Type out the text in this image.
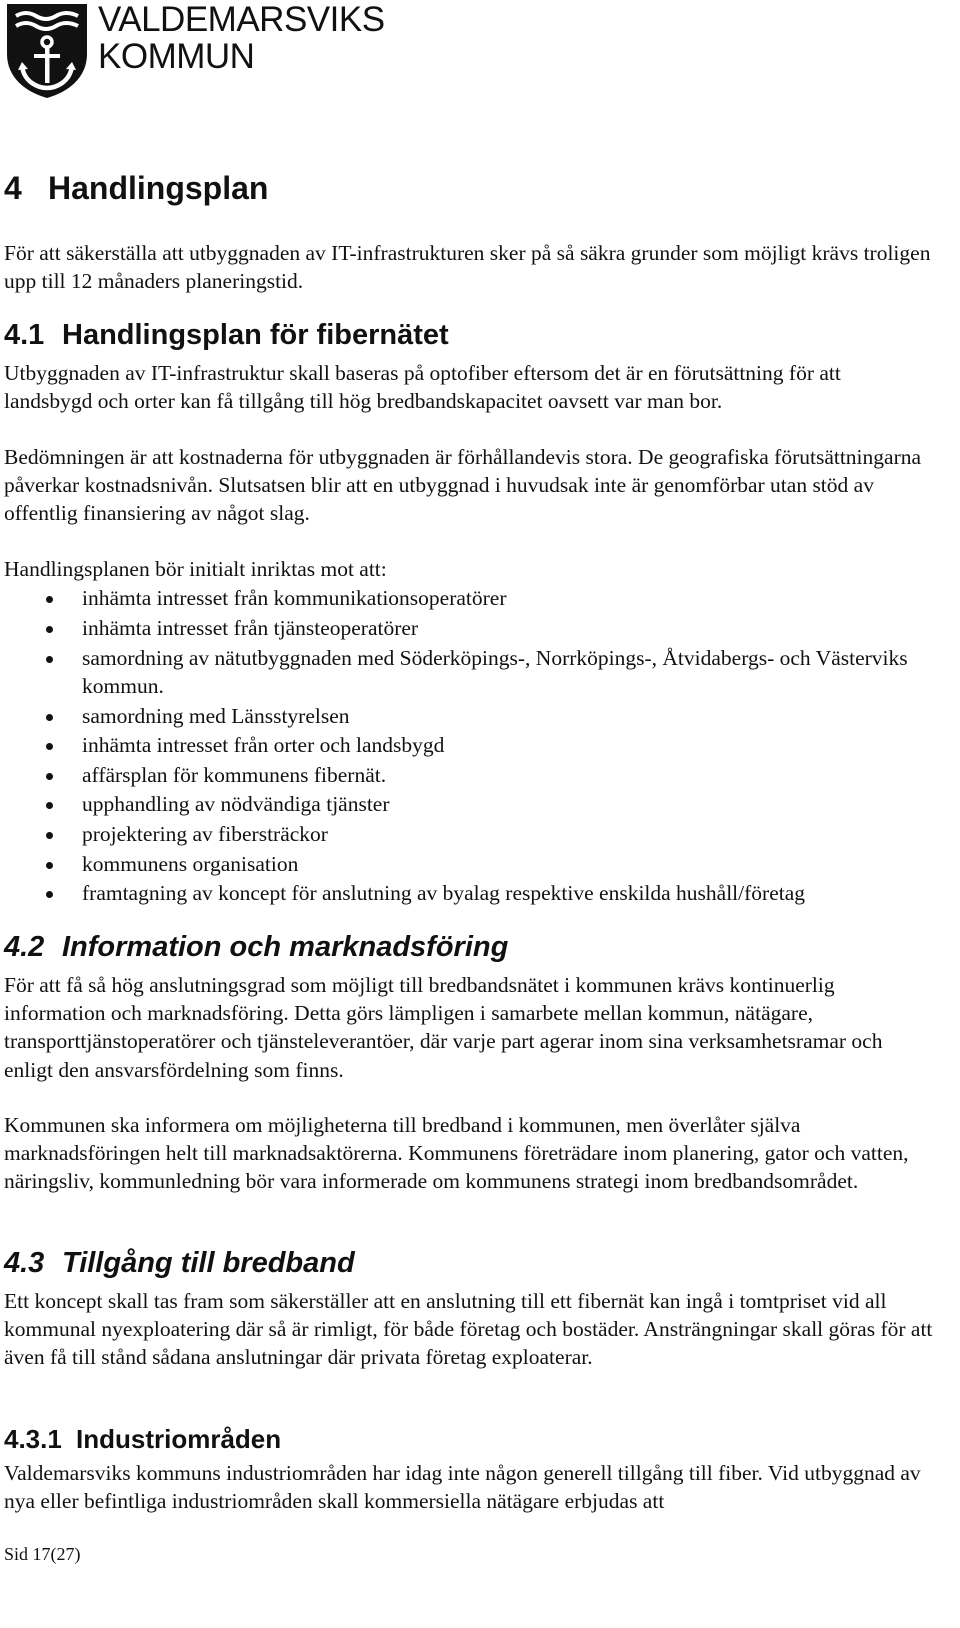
VALDEMARSVIKS
KOMMUN
4 Handlingsplan

För att säkerställa att utbyggnaden av IT-infrastrukturen sker på så säkra grunder som möjligt krävs troligen upp till 12 månaders planeringstid.

4.1 Handlingsplan för fibernätet

Utbyggnaden av IT-infrastruktur skall baseras på optofiber eftersom det är en förutsättning för att landsbygd och orter kan få tillgång till hög bredbandskapacitet oavsett var man bor.

Bedömningen är att kostnaderna för utbyggnaden är förhållandevis stora. De geografiska förutsättningarna påverkar kostnadsnivån. Slutsatsen blir att en utbyggnad i huvudsak inte är genomförbar utan stöd av offentlig finansiering av något slag.

Handlingsplanen bör initialt inriktas mot att:

inhämta intresset från kommunikationsoperatörer
inhämta intresset från tjänsteoperatörer
samordning av nätutbyggnaden med Söderköpings-, Norrköpings-, Åtvidabergs- och Västerviks kommun.
samordning med Länsstyrelsen
inhämta intresset från orter och landsbygd
affärsplan för kommunens fibernät.
upphandling av nödvändiga tjänster
projektering av fibersträckor
kommunens organisation
framtagning av koncept för anslutning av byalag respektive enskilda hushåll/företag
4.2 Information och marknadsföring

För att få så hög anslutningsgrad som möjligt till bredbandsnätet i kommunen krävs kontinuerlig information och marknadsföring. Detta görs lämpligen i samarbete mellan kommun, nätägare, transporttjänstoperatörer och tjänsteleverantöer, där varje part agerar inom sina verksamhetsramar och enligt den ansvarsfördelning som finns.

Kommunen ska informera om möjligheterna till bredband i kommunen, men överlåter själva marknadsföringen helt till marknadsaktörerna. Kommunens företrädare inom planering, gator och vatten, näringsliv, kommunledning bör vara informerade om kommunens strategi inom bredbandsområdet.

4.3 Tillgång till bredband

Ett koncept skall tas fram som säkerställer att en anslutning till ett fibernät kan ingå i tomtpriset vid all kommunal nyexploatering där så är rimligt, för både företag och bostäder. Ansträngningar skall göras för att även få till stånd sådana anslutningar där privata företag exploaterar.

4.3.1 Industriområden

Valdemarsviks kommuns industriområden har idag inte någon generell tillgång till fiber. Vid utbyggnad av nya eller befintliga industriområden skall kommersiella nätägare erbjudas att

Sid 17(27)
